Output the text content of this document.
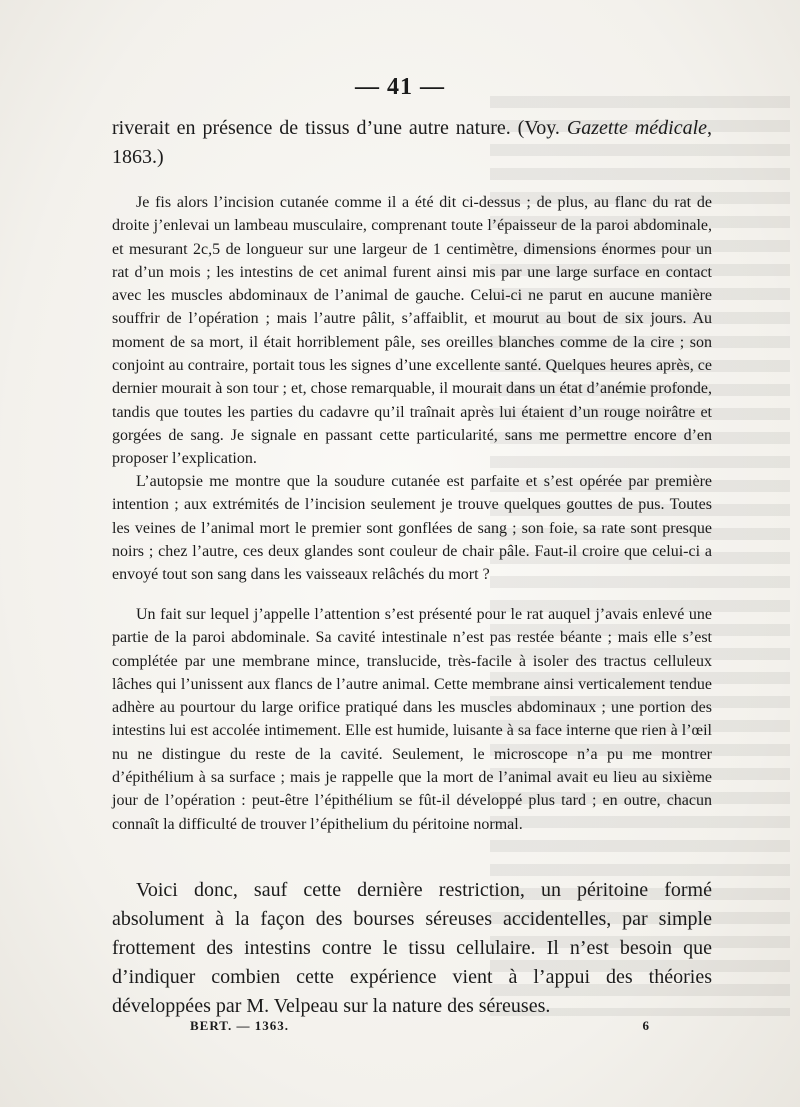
— 41 —

riverait en présence de tissus d’une autre nature. (Voy. Gazette médicale, 1863.)

Je fis alors l’incision cutanée comme il a été dit ci-dessus ; de plus, au flanc du rat de droite j’enlevai un lambeau musculaire, comprenant toute l’épaisseur de la paroi abdominale, et mesurant 2c,5 de longueur sur une largeur de 1 centimètre, dimensions énormes pour un rat d’un mois ; les intestins de cet animal furent ainsi mis par une large surface en contact avec les muscles abdominaux de l’animal de gauche. Celui-ci ne parut en aucune manière souffrir de l’opération ; mais l’autre pâlit, s’affaiblit, et mourut au bout de six jours. Au moment de sa mort, il était horriblement pâle, ses oreilles blanches comme de la cire ; son conjoint au contraire, portait tous les signes d’une excellente santé. Quelques heures après, ce dernier mourait à son tour ; et, chose remarquable, il mourait dans un état d’anémie profonde, tandis que toutes les parties du cadavre qu’il traînait après lui étaient d’un rouge noirâtre et gorgées de sang. Je signale en passant cette particularité, sans me permettre encore d’en proposer l’explication.

L’autopsie me montre que la soudure cutanée est parfaite et s’est opérée par première intention ; aux extrémités de l’incision seulement je trouve quelques gouttes de pus. Toutes les veines de l’animal mort le premier sont gonflées de sang ; son foie, sa rate sont presque noirs ; chez l’autre, ces deux glandes sont couleur de chair pâle. Faut-il croire que celui-ci a envoyé tout son sang dans les vaisseaux relâchés du mort ?

Un fait sur lequel j’appelle l’attention s’est présenté pour le rat auquel j’avais enlevé une partie de la paroi abdominale. Sa cavité intestinale n’est pas restée béante ; mais elle s’est complétée par une membrane mince, translucide, très-facile à isoler des tractus celluleux lâches qui l’unissent aux flancs de l’autre animal. Cette membrane ainsi verticalement tendue adhère au pourtour du large orifice pratiqué dans les muscles abdominaux ; une portion des intestins lui est accolée intimement. Elle est humide, luisante à sa face interne que rien à l’œil nu ne distingue du reste de la cavité. Seulement, le microscope n’a pu me montrer d’épithélium à sa surface ; mais je rappelle que la mort de l’animal avait eu lieu au sixième jour de l’opération : peut-être l’épithélium se fût-il développé plus tard ; en outre, chacun connaît la difficulté de trouver l’épithelium du péritoine normal.

Voici donc, sauf cette dernière restriction, un péritoine formé absolument à la façon des bourses séreuses accidentelles, par simple frottement des intestins contre le tissu cellulaire. Il n’est besoin que d’indiquer combien cette expérience vient à l’appui des théories développées par M. Velpeau sur la nature des séreuses.

BERT. — 1363.	6
